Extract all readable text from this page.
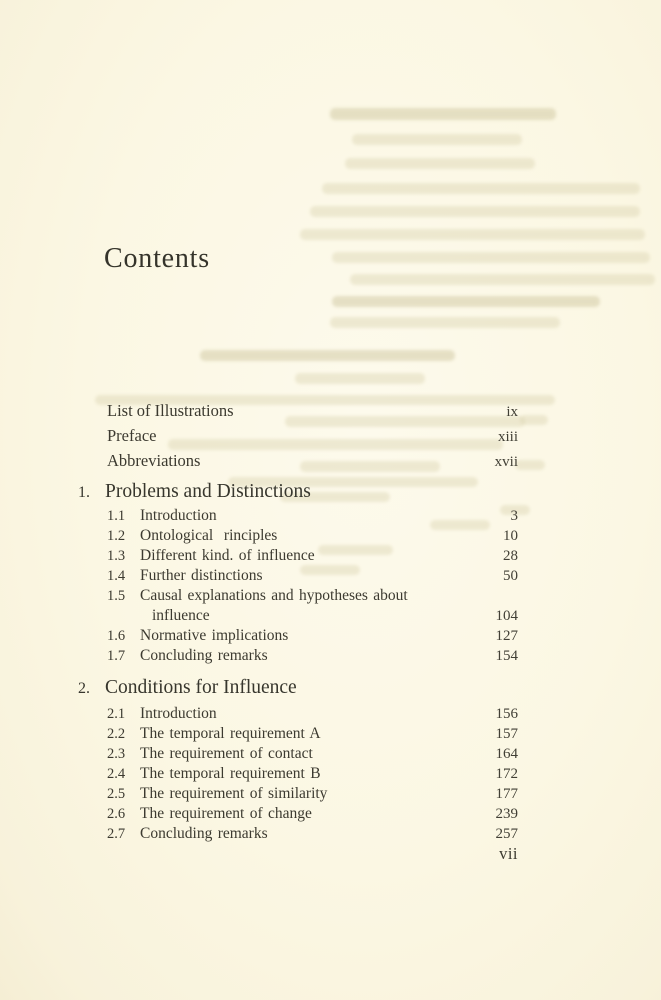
Contents
List of Illustrations	ix
Preface	xiii
Abbreviations	xvii
1. Problems and Distinctions
1.1 Introduction	3
1.2 Ontological  rinciples	10
1.3 Different kind. of influence	28
1.4 Further distinctions	50
1.5 Causal explanations and hypotheses about
influence	104
1.6 Normative implications	127
1.7 Concluding remarks	154
2. Conditions for Influence
2.1 Introduction	156
2.2 The temporal requirement A	157
2.3 The requirement of contact	164
2.4 The temporal requirement B	172
2.5 The requirement of similarity	177
2.6 The requirement of change	239
2.7 Concluding remarks	257
vii
